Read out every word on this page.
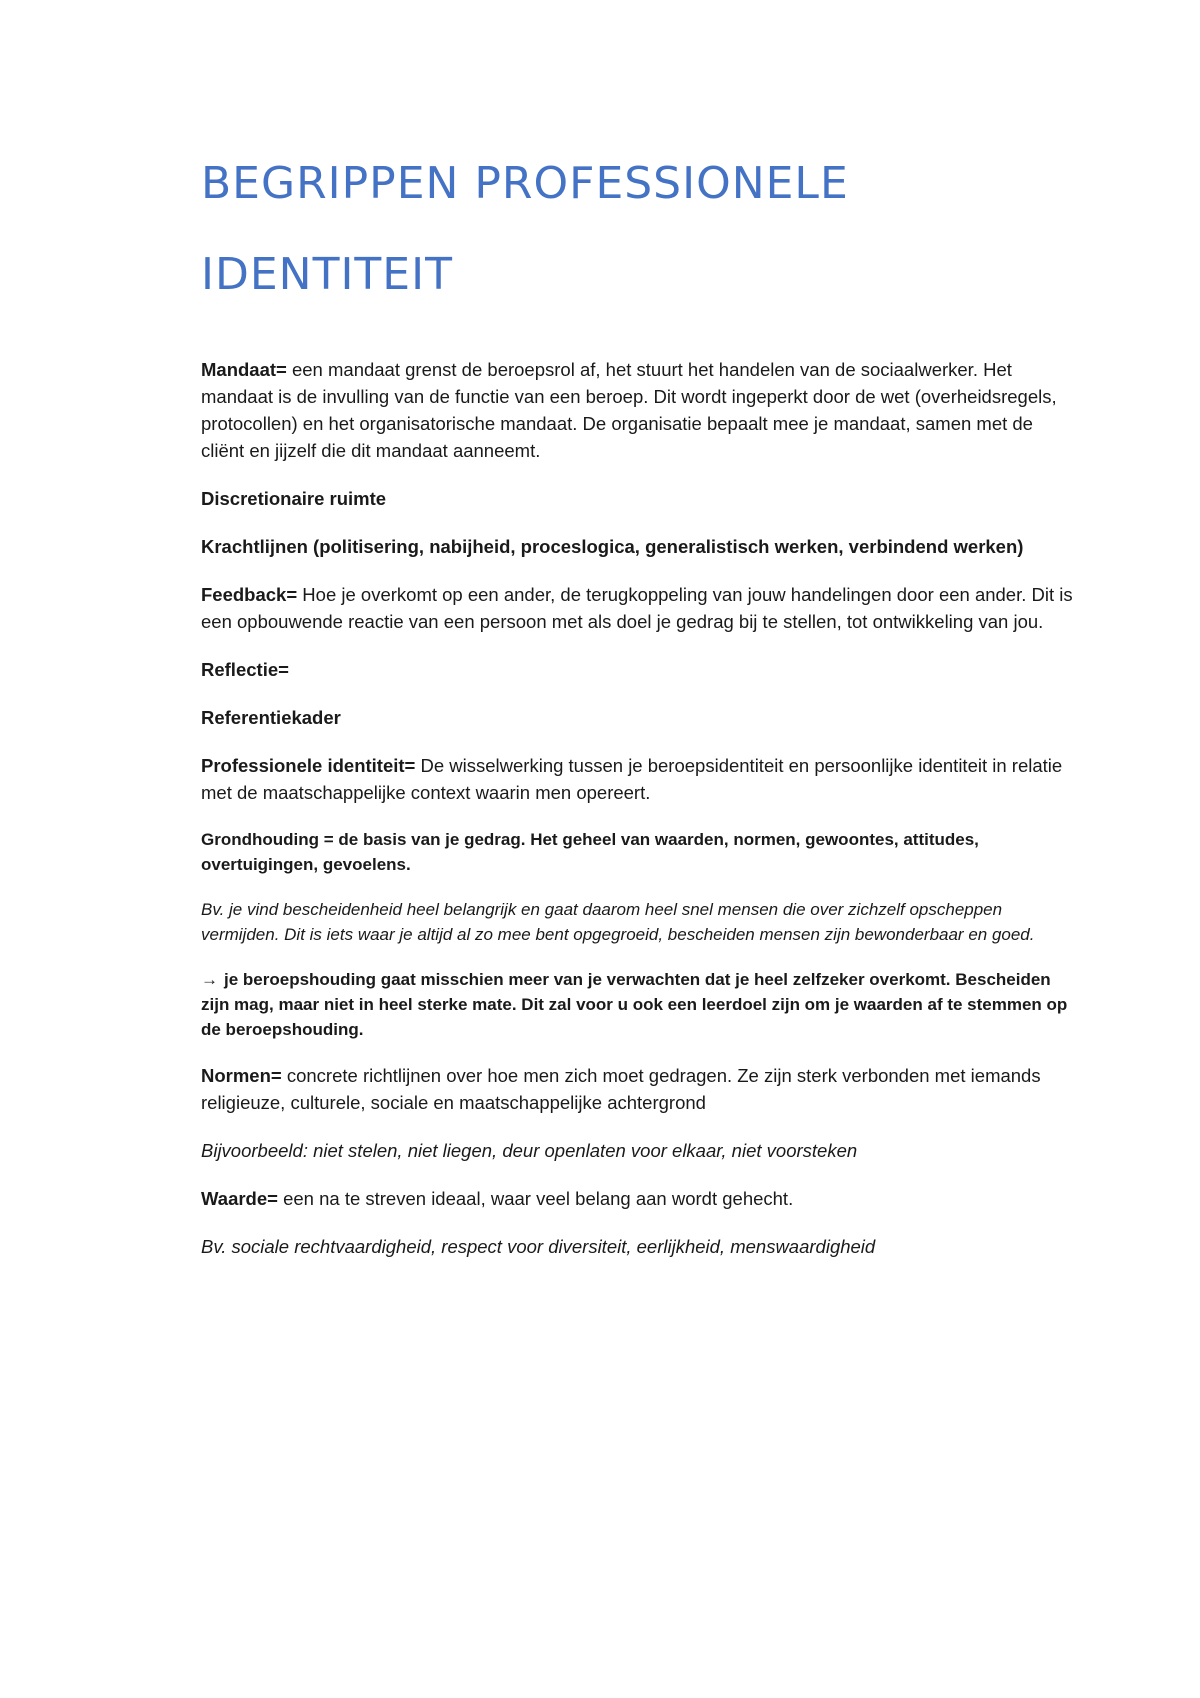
BEGRIPPEN PROFESSIONELE
IDENTITEIT

Mandaat= een mandaat grenst de beroepsrol af, het stuurt het handelen van de sociaalwerker. Het mandaat is de invulling van de functie van een beroep. Dit wordt ingeperkt door de wet (overheidsregels, protocollen) en het organisatorische mandaat. De organisatie bepaalt mee je mandaat, samen met de cliënt en jijzelf die dit mandaat aanneemt.

Discretionaire ruimte

Krachtlijnen (politisering, nabijheid, proceslogica, generalistisch werken, verbindend werken)

Feedback= Hoe je overkomt op een ander, de terugkoppeling van jouw handelingen door een ander. Dit is een opbouwende reactie van een persoon met als doel je gedrag bij te stellen, tot ontwikkeling van jou.

Reflectie=

Referentiekader

Professionele identiteit= De wisselwerking tussen je beroepsidentiteit en persoonlijke identiteit in relatie met de maatschappelijke context waarin men opereert.

Grondhouding = de basis van je gedrag. Het geheel van waarden, normen, gewoontes, attitudes, overtuigingen, gevoelens.

Bv. je vind bescheidenheid heel belangrijk en gaat daarom heel snel mensen die over zichzelf opscheppen vermijden. Dit is iets waar je altijd al zo mee bent opgegroeid, bescheiden mensen zijn bewonderbaar en goed.

→ je beroepshouding gaat misschien meer van je verwachten dat je heel zelfzeker overkomt. Bescheiden zijn mag, maar niet in heel sterke mate. Dit zal voor u ook een leerdoel zijn om je waarden af te stemmen op de beroepshouding.

Normen= concrete richtlijnen over hoe men zich moet gedragen. Ze zijn sterk verbonden met iemands religieuze, culturele, sociale en maatschappelijke achtergrond

Bijvoorbeeld: niet stelen, niet liegen, deur openlaten voor elkaar, niet voorsteken

Waarde= een na te streven ideaal, waar veel belang aan wordt gehecht.

Bv. sociale rechtvaardigheid, respect voor diversiteit, eerlijkheid, menswaardigheid
